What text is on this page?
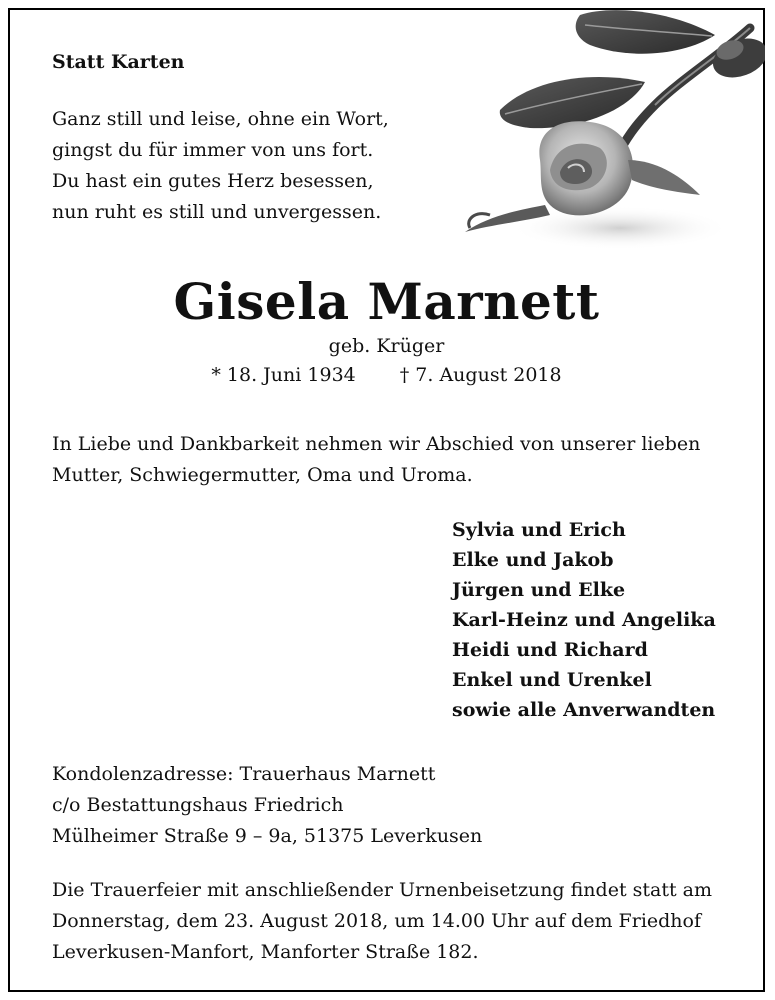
Statt Karten
Ganz still und leise, ohne ein Wort,
gingst du für immer von uns fort.
Du hast ein gutes Herz besessen,
nun ruht es still und unvergessen.
Gisela Marnett
geb. Krüger
* 18. Juni 1934 † 7. August 2018
In Liebe und Dankbarkeit nehmen wir Abschied von unserer lieben Mutter, Schwiegermutter, Oma und Uroma.
Sylvia und Erich
Elke und Jakob
Jürgen und Elke
Karl-Heinz und Angelika
Heidi und Richard
Enkel und Urenkel
sowie alle Anverwandten
Kondolenzadresse: Trauerhaus Marnett
c/o Bestattungshaus Friedrich
Mülheimer Straße 9 – 9a, 51375 Leverkusen
Die Trauerfeier mit anschließender Urnenbeisetzung findet statt am
Donnerstag, dem 23. August 2018, um 14.00 Uhr auf dem Friedhof
Leverkusen-Manfort, Manforter Straße 182.
